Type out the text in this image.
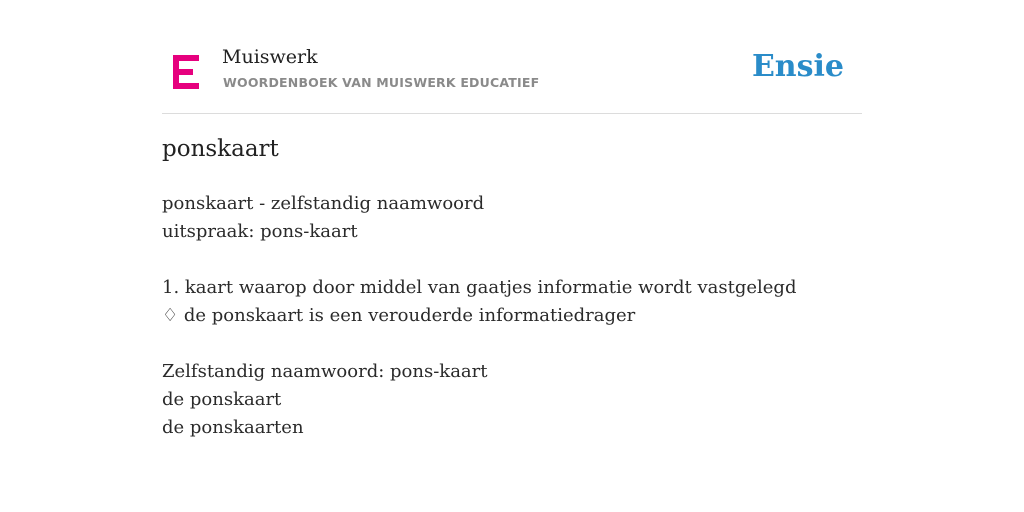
Muiswerk
WOORDENBOEK VAN MUISWERK EDUCATIEF	Ensie
ponskaart
ponskaart - zelfstandig naamwoord
uitspraak: pons-kaart
1. kaart waarop door middel van gaatjes informatie wordt vastgelegd
♢ de ponskaart is een verouderde informatiedrager
Zelfstandig naamwoord: pons-kaart
de ponskaart
de ponskaarten
